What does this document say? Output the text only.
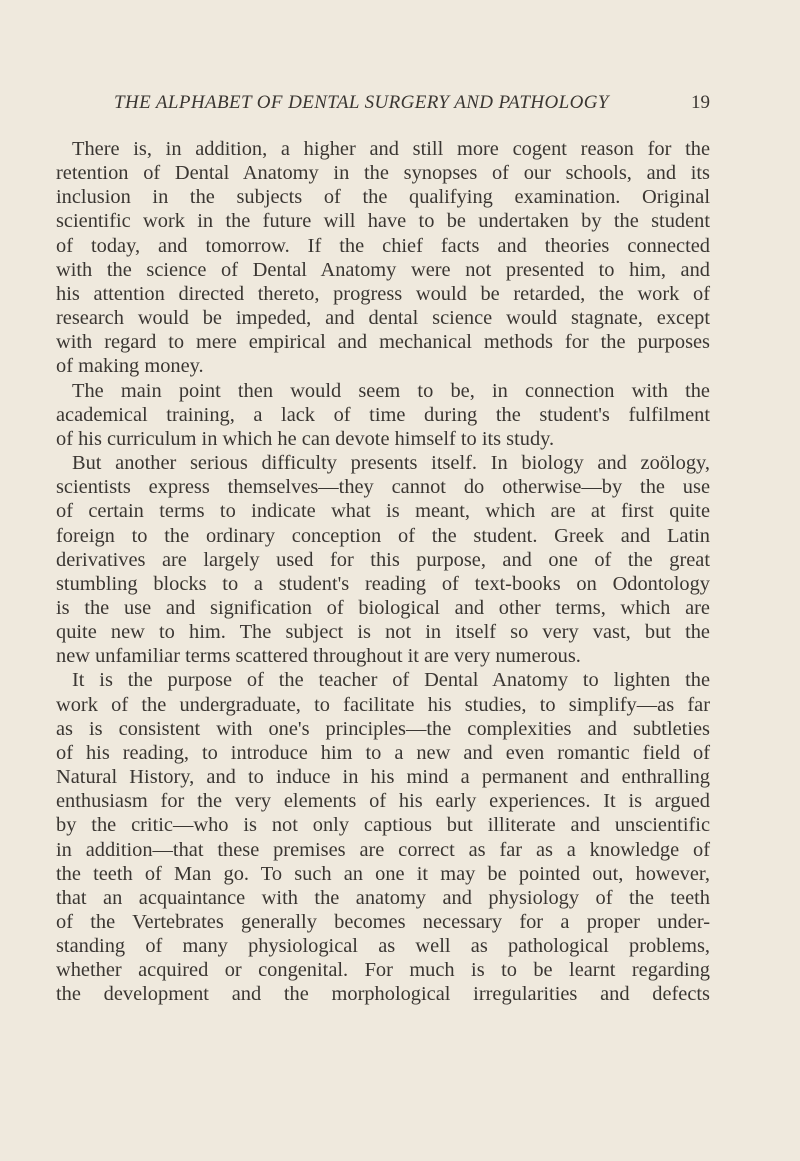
THE ALPHABET OF DENTAL SURGERY AND PATHOLOGY	19

There is, in addition, a higher and still more cogent reason for the
retention of Dental Anatomy in the synopses of our schools, and its
inclusion in the subjects of the qualifying examination. Original
scientific work in the future will have to be undertaken by the student
of today, and tomorrow. If the chief facts and theories connected
with the science of Dental Anatomy were not presented to him, and
his attention directed thereto, progress would be retarded, the work of
research would be impeded, and dental science would stagnate, except
with regard to mere empirical and mechanical methods for the purposes
of making money.

The main point then would seem to be, in connection with the
academical training, a lack of time during the student's fulfilment
of his curriculum in which he can devote himself to its study.

But another serious difficulty presents itself. In biology and zoölogy,
scientists express themselves—they cannot do otherwise—by the use
of certain terms to indicate what is meant, which are at first quite
foreign to the ordinary conception of the student. Greek and Latin
derivatives are largely used for this purpose, and one of the great
stumbling blocks to a student's reading of text-books on Odontology
is the use and signification of biological and other terms, which are
quite new to him. The subject is not in itself so very vast, but the
new unfamiliar terms scattered throughout it are very numerous.

It is the purpose of the teacher of Dental Anatomy to lighten the
work of the undergraduate, to facilitate his studies, to simplify—as far
as is consistent with one's principles—the complexities and subtleties
of his reading, to introduce him to a new and even romantic field of
Natural History, and to induce in his mind a permanent and enthralling
enthusiasm for the very elements of his early experiences. It is argued
by the critic—who is not only captious but illiterate and unscientific
in addition—that these premises are correct as far as a knowledge of
the teeth of Man go. To such an one it may be pointed out, however,
that an acquaintance with the anatomy and physiology of the teeth
of the Vertebrates generally becomes necessary for a proper under-
standing of many physiological as well as pathological problems,
whether acquired or congenital. For much is to be learnt regarding
the development and the morphological irregularities and defects
